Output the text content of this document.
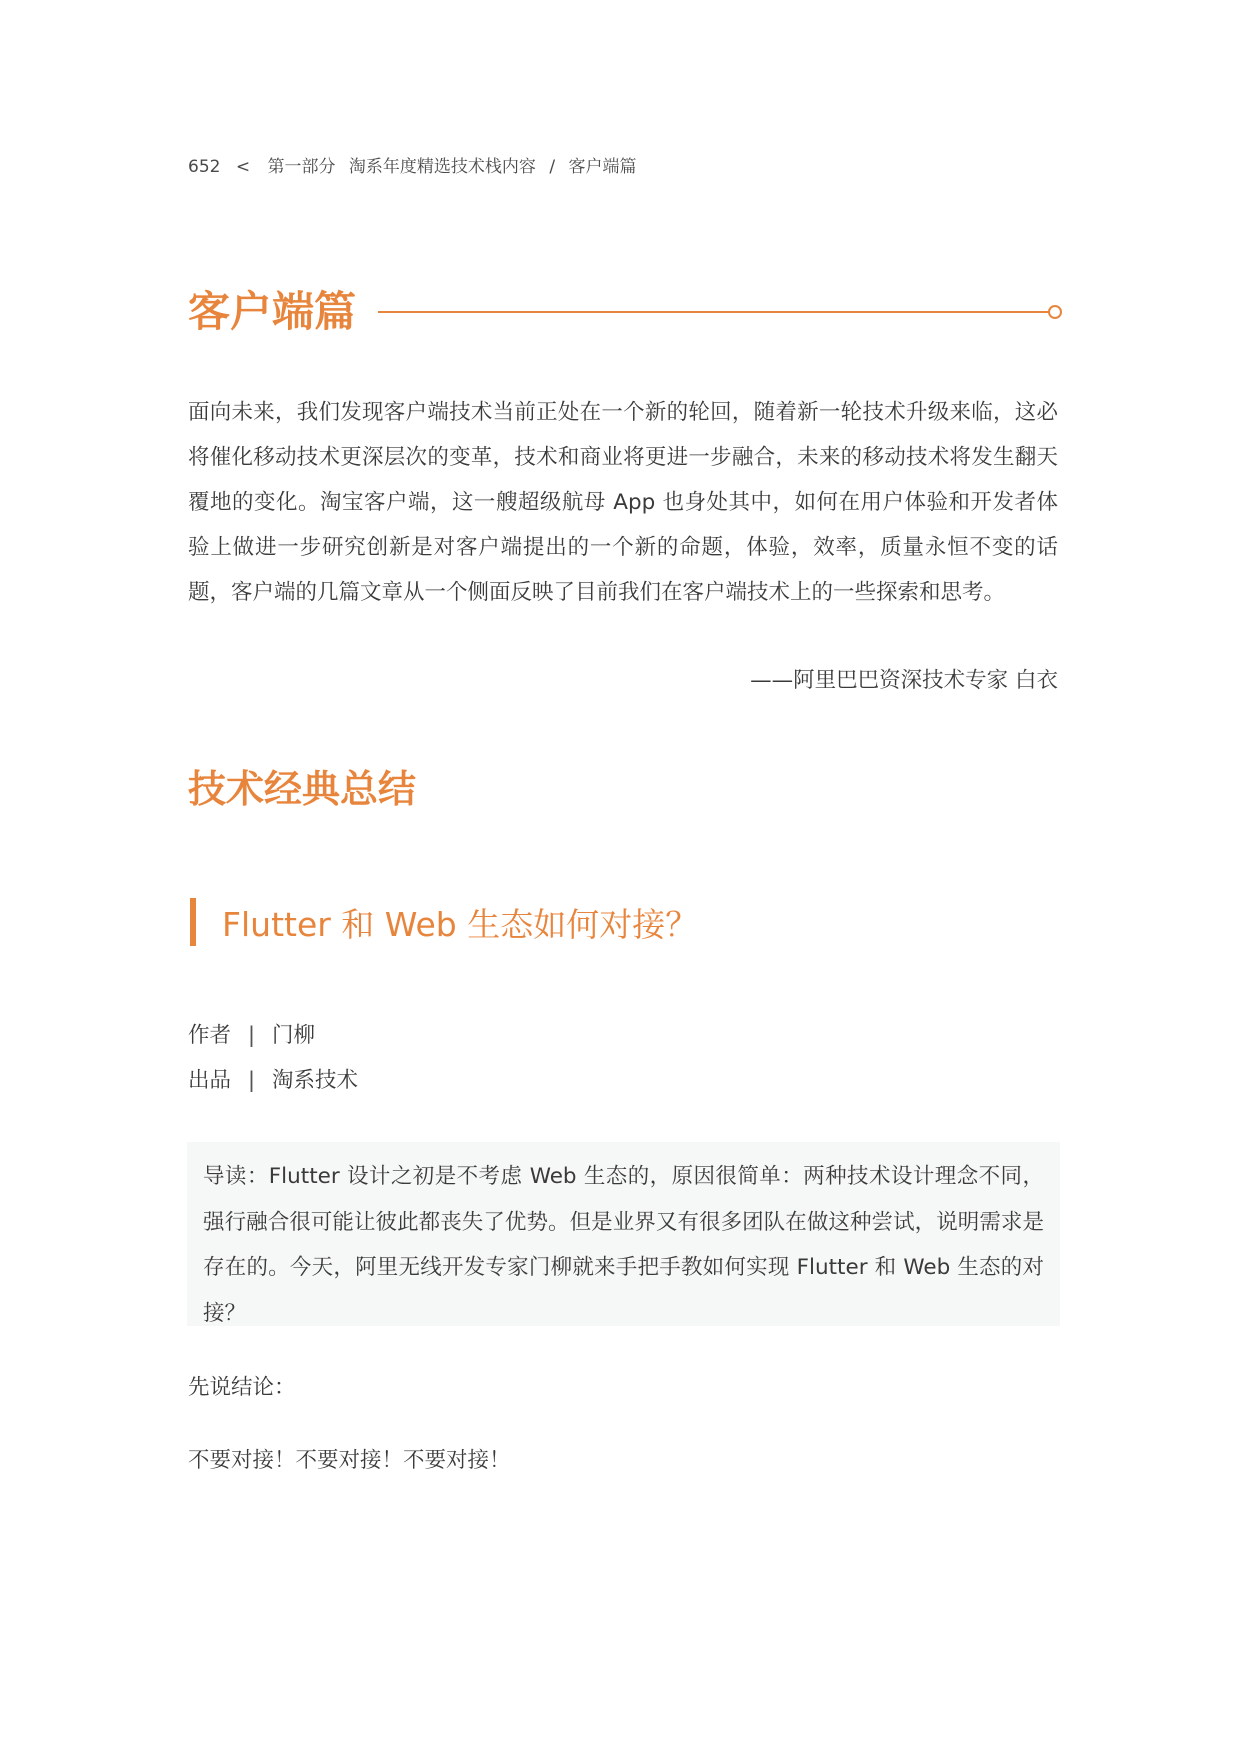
652 < 第一部分 淘系年度精选技术栈内容 / 客户端篇
客户端篇

面向未来，我们发现客户端技术当前正处在一个新的轮回，随着新一轮技术升级来临，这必将催化移动技术更深层次的变革，技术和商业将更进一步融合，未来的移动技术将发生翻天覆地的变化。淘宝客户端，这一艘超级航母 App 也身处其中，如何在用户体验和开发者体验上做进一步研究创新是对客户端提出的一个新的命题，体验，效率，质量永恒不变的话题，客户端的几篇文章从一个侧面反映了目前我们在客户端技术上的一些探索和思考。

——阿里巴巴资深技术专家 白衣
技术经典总结
Flutter 和 Web 生态如何对接？
作者 | 门柳
出品 | 淘系技术
导读：Flutter 设计之初是不考虑 Web 生态的，原因很简单：两种技术设计理念不同，强行融合很可能让彼此都丧失了优势。但是业界又有很多团队在做这种尝试，说明需求是存在的。今天，阿里无线开发专家门柳就来手把手教如何实现 Flutter 和 Web 生态的对接？
先说结论：
不要对接！不要对接！不要对接！
